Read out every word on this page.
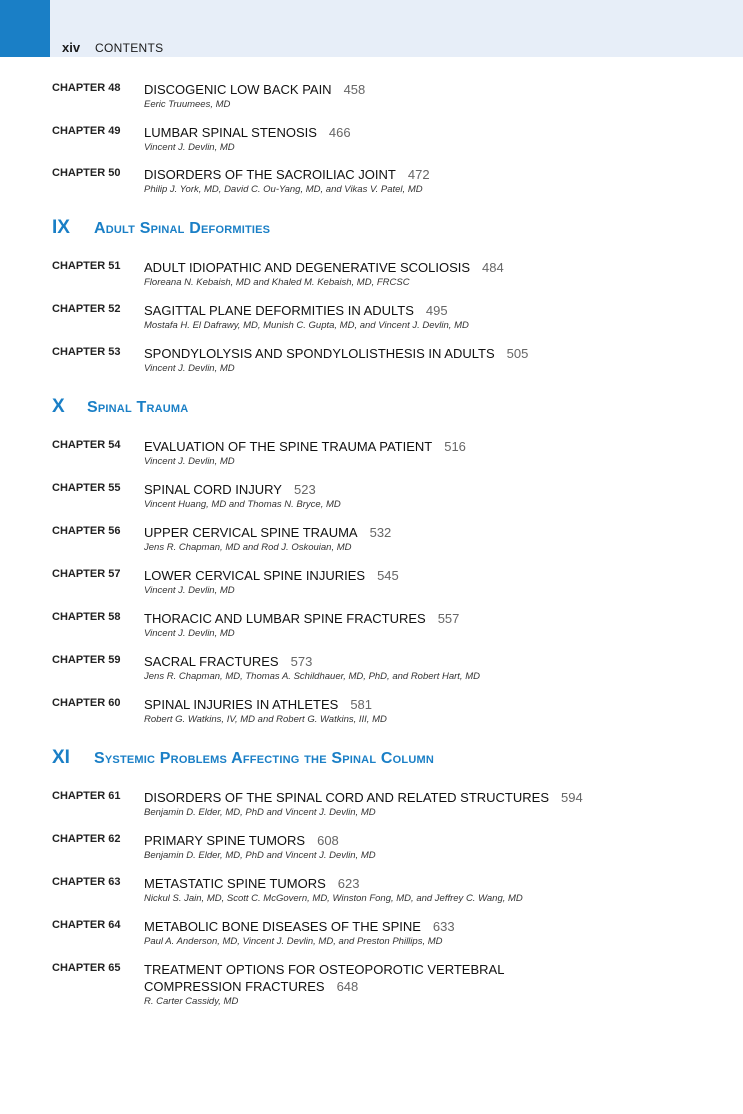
xiv CONTENTS
CHAPTER 48 DISCOGENIC LOW BACK PAIN 458
Eeric Truumees, MD
CHAPTER 49 LUMBAR SPINAL STENOSIS 466
Vincent J. Devlin, MD
CHAPTER 50 DISORDERS OF THE SACROILIAC JOINT 472
Philip J. York, MD, David C. Ou-Yang, MD, and Vikas V. Patel, MD
IX Adult Spinal Deformities
CHAPTER 51 ADULT IDIOPATHIC AND DEGENERATIVE SCOLIOSIS 484
Floreana N. Kebaish, MD and Khaled M. Kebaish, MD, FRCSC
CHAPTER 52 SAGITTAL PLANE DEFORMITIES IN ADULTS 495
Mostafa H. El Dafrawy, MD, Munish C. Gupta, MD, and Vincent J. Devlin, MD
CHAPTER 53 SPONDYLOLYSIS AND SPONDYLOLISTHESIS IN ADULTS 505
Vincent J. Devlin, MD
X Spinal Trauma
CHAPTER 54 EVALUATION OF THE SPINE TRAUMA PATIENT 516
Vincent J. Devlin, MD
CHAPTER 55 SPINAL CORD INJURY 523
Vincent Huang, MD and Thomas N. Bryce, MD
CHAPTER 56 UPPER CERVICAL SPINE TRAUMA 532
Jens R. Chapman, MD and Rod J. Oskouian, MD
CHAPTER 57 LOWER CERVICAL SPINE INJURIES 545
Vincent J. Devlin, MD
CHAPTER 58 THORACIC AND LUMBAR SPINE FRACTURES 557
Vincent J. Devlin, MD
CHAPTER 59 SACRAL FRACTURES 573
Jens R. Chapman, MD, Thomas A. Schildhauer, MD, PhD, and Robert Hart, MD
CHAPTER 60 SPINAL INJURIES IN ATHLETES 581
Robert G. Watkins, IV, MD and Robert G. Watkins, III, MD
XI Systemic Problems Affecting the Spinal Column
CHAPTER 61 DISORDERS OF THE SPINAL CORD AND RELATED STRUCTURES 594
Benjamin D. Elder, MD, PhD and Vincent J. Devlin, MD
CHAPTER 62 PRIMARY SPINE TUMORS 608
Benjamin D. Elder, MD, PhD and Vincent J. Devlin, MD
CHAPTER 63 METASTATIC SPINE TUMORS 623
Nickul S. Jain, MD, Scott C. McGovern, MD, Winston Fong, MD, and Jeffrey C. Wang, MD
CHAPTER 64 METABOLIC BONE DISEASES OF THE SPINE 633
Paul A. Anderson, MD, Vincent J. Devlin, MD, and Preston Phillips, MD
CHAPTER 65 TREATMENT OPTIONS FOR OSTEOPOROTIC VERTEBRAL COMPRESSION FRACTURES 648
R. Carter Cassidy, MD
